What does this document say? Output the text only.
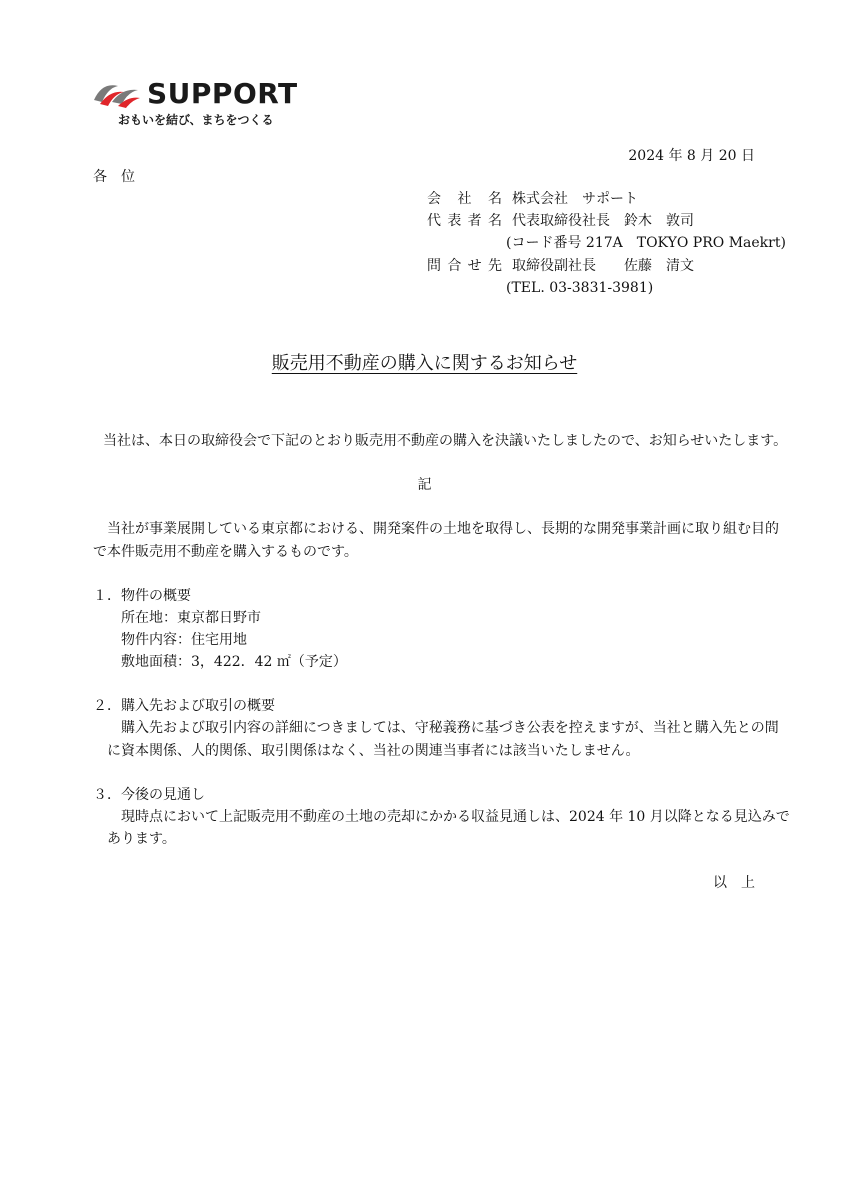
SUPPORT
おもいを結び、まちをつくる
2024 年 8 月 20 日
各　位
会 社 名 株式会社　サポート
代表者名 代表取締役社長　鈴木　敦司
(コード番号 217A　TOKYO PRO Maekrt)
問合せ先 取締役副社長　　佐藤　清文
(TEL. 03-3831-3981)
販売用不動産の購入に関するお知らせ
当社は、本日の取締役会で下記のとおり販売用不動産の購入を決議いたしましたので、お知らせいたします。
記
当社が事業展開している東京都における、開発案件の土地を取得し、長期的な開発事業計画に取り組む目的
で本件販売用不動産を購入するものです。
１．物件の概要
所在地：東京都日野市
物件内容：住宅用地
敷地面積：3，422．42 ㎡（予定）
２．購入先および取引の概要
購入先および取引内容の詳細につきましては、守秘義務に基づき公表を控えますが、当社と購入先との間
に資本関係、人的関係、取引関係はなく、当社の関連当事者には該当いたしません。
３．今後の見通し
現時点において上記販売用不動産の土地の売却にかかる収益見通しは、2024 年 10 月以降となる見込みで
あります。
以　上
